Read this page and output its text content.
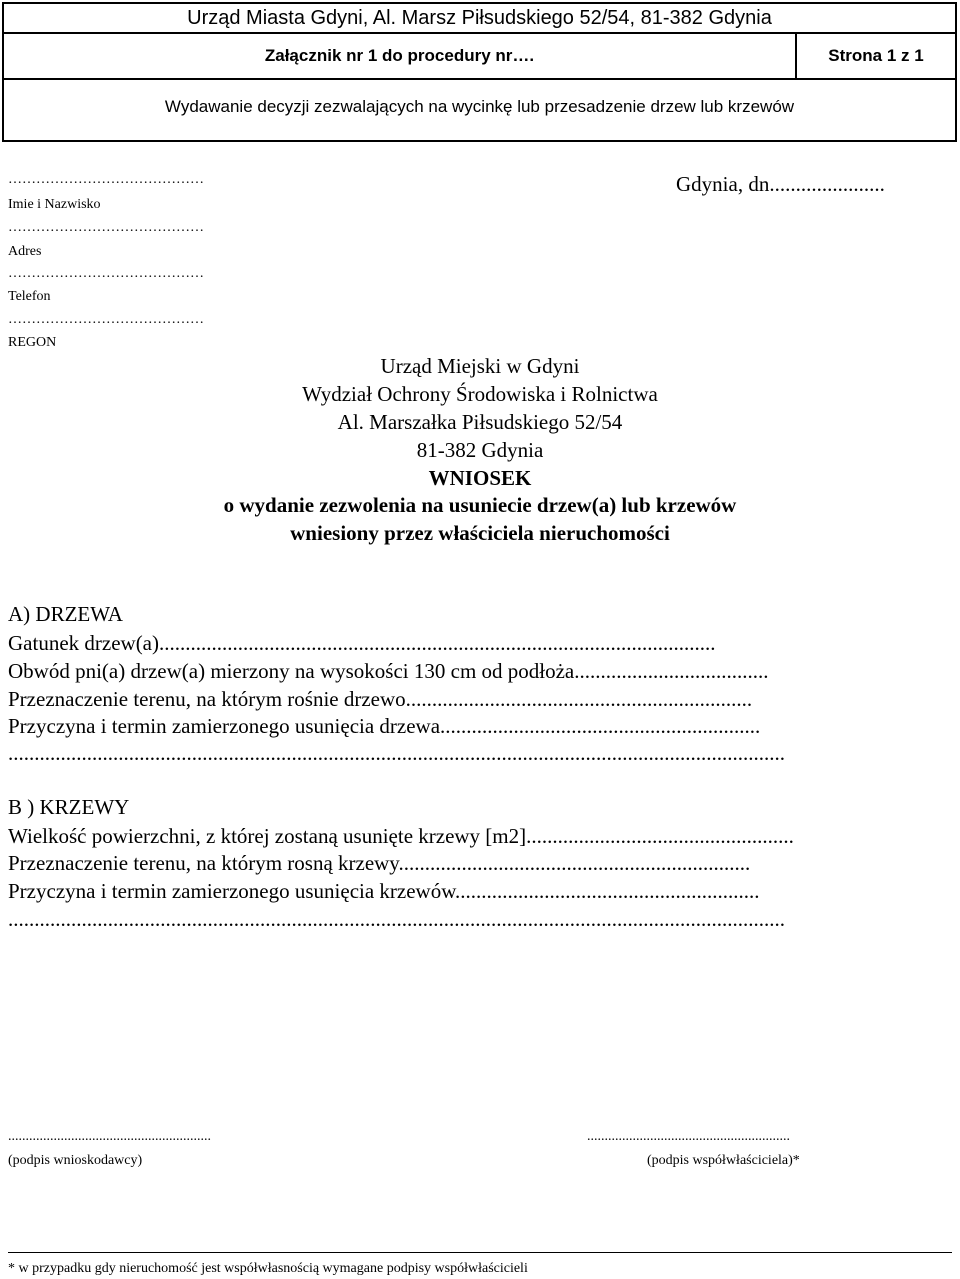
Urząd Miasta Gdyni, Al. Marsz Piłsudskiego 52/54, 81-382 Gdynia
Załącznik nr 1 do procedury nr….	Strona 1 z 1
Wydawanie decyzji zezwalających na wycinkę lub przesadzenie drzew lub krzewów
……………………………………
Imie i Nazwisko
……………………………………
Adres
……………………………………
Telefon
……………………………………
REGON
Gdynia, dn......................
Urząd Miejski w Gdyni
Wydział Ochrony Środowiska i Rolnictwa
Al. Marszałka Piłsudskiego 52/54
81-382 Gdynia
WNIOSEK
o wydanie zezwolenia na usuniecie drzew(a) lub krzewów
wniesiony przez właściciela nieruchomości
A) DRZEWA
Gatunek drzew(a)..........................................................................................................
Obwód pni(a) drzew(a) mierzony na wysokości 130 cm od podłoża.....................................
Przeznaczenie terenu, na którym rośnie drzewo..................................................................
Przyczyna i termin zamierzonego usunięcia drzewa.............................................................
....................................................................................................................................................
B ) KRZEWY
Wielkość powierzchni, z której zostaną usunięte krzewy [m2]...................................................
Przeznaczenie terenu, na którym rosną krzewy...................................................................
Przyczyna i termin zamierzonego usunięcia krzewów..........................................................
....................................................................................................................................................
..........................................................
(podpis wnioskodawcy)
..........................................................
(podpis współwłaściciela)*
* w przypadku gdy nieruchomość jest współwłasnością wymagane podpisy współwłaścicieli
